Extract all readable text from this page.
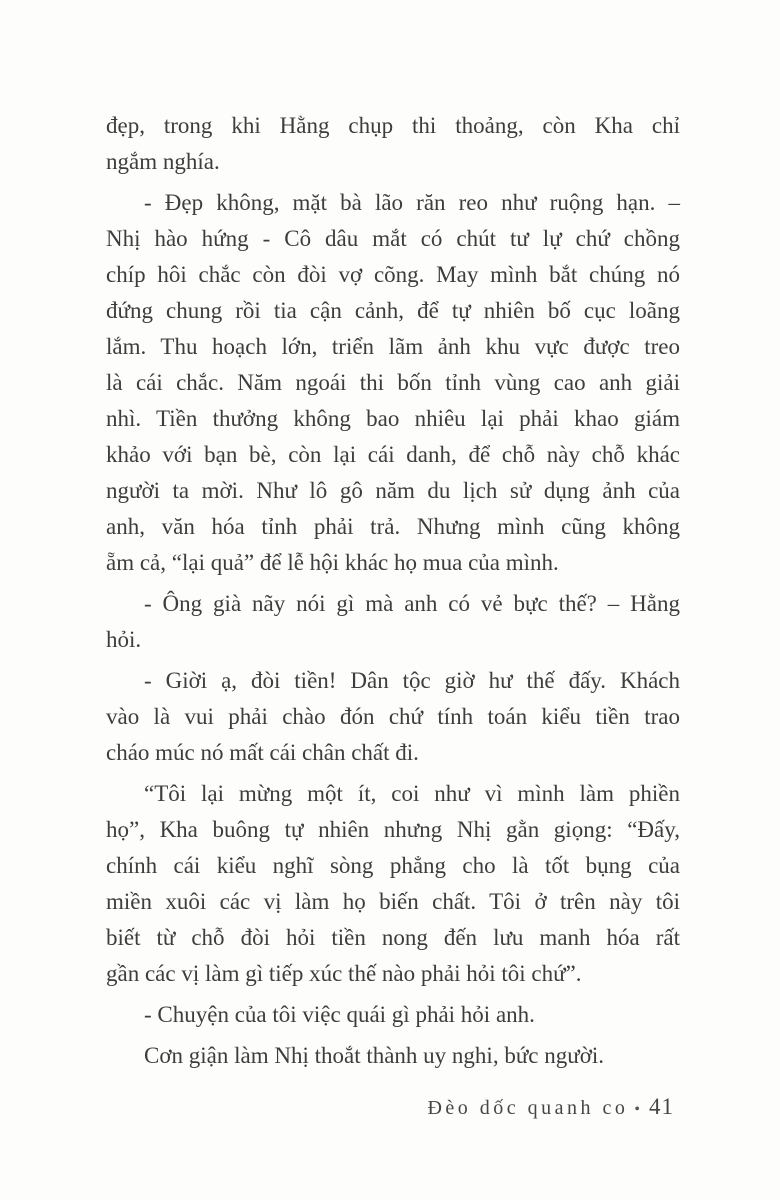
đẹp, trong khi Hằng chụp thi thoảng, còn Kha chỉ
ngắm nghía.
- Đẹp không, mặt bà lão răn reo như ruộng hạn. –
Nhị hào hứng - Cô dâu mắt có chút tư lự chứ chồng
chíp hôi chắc còn đòi vợ cõng. May mình bắt chúng nó
đứng chung rồi tia cận cảnh, để tự nhiên bố cục loãng
lắm. Thu hoạch lớn, triển lãm ảnh khu vực được treo
là cái chắc. Năm ngoái thi bốn tỉnh vùng cao anh giải
nhì. Tiền thưởng không bao nhiêu lại phải khao giám
khảo với bạn bè, còn lại cái danh, để chỗ này chỗ khác
người ta mời. Như lô gô năm du lịch sử dụng ảnh của
anh, văn hóa tỉnh phải trả. Nhưng mình cũng không
ẵm cả, “lại quả” để lễ hội khác họ mua của mình.
- Ông già nãy nói gì mà anh có vẻ bực thế? – Hằng
hỏi.
- Giời ạ, đòi tiền! Dân tộc giờ hư thế đấy. Khách
vào là vui phải chào đón chứ tính toán kiểu tiền trao
cháo múc nó mất cái chân chất đi.
“Tôi lại mừng một ít, coi như vì mình làm phiền
họ”, Kha buông tự nhiên nhưng Nhị gằn giọng: “Đấy,
chính cái kiểu nghĩ sòng phẳng cho là tốt bụng của
miền xuôi các vị làm họ biến chất. Tôi ở trên này tôi
biết từ chỗ đòi hỏi tiền nong đến lưu manh hóa rất
gần các vị làm gì tiếp xúc thế nào phải hỏi tôi chứ”.
- Chuyện của tôi việc quái gì phải hỏi anh.
Cơn giận làm Nhị thoắt thành uy nghi, bức người.
Đèo dốc quanh co • 41
